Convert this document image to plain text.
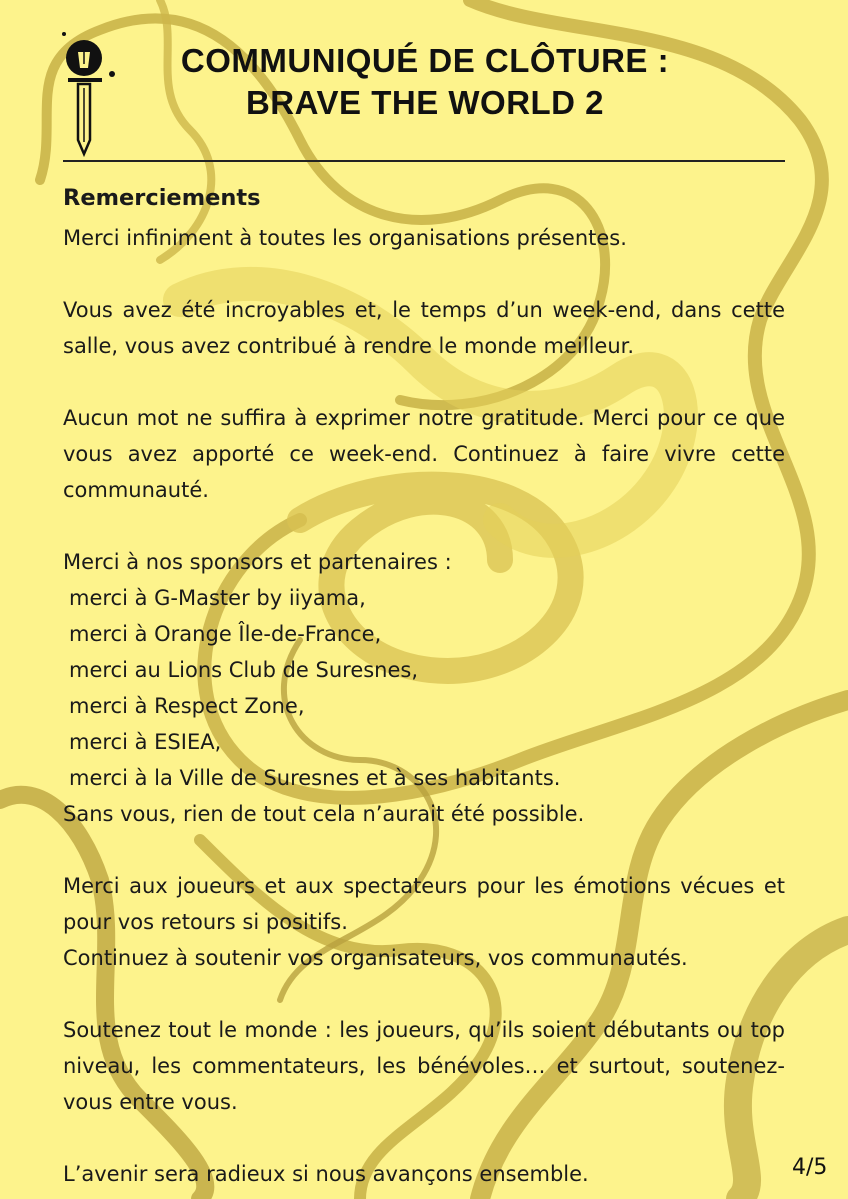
COMMUNIQUÉ DE CLÔTURE :
BRAVE THE WORLD 2
Remerciements

Merci infiniment à toutes les organisations présentes.

Vous avez été incroyables et, le temps d’un week-end, dans cette salle, vous avez contribué à rendre le monde meilleur.

Aucun mot ne suffira à exprimer notre gratitude. Merci pour ce que vous avez apporté ce week-end. Continuez à faire vivre cette communauté.

Merci à nos sponsors et partenaires :
merci à G-Master by iiyama,
merci à Orange Île-de-France,
merci au Lions Club de Suresnes,
merci à Respect Zone,
merci à ESIEA,
merci à la Ville de Suresnes et à ses habitants.
Sans vous, rien de tout cela n’aurait été possible.

Merci aux joueurs et aux spectateurs pour les émotions vécues et pour vos retours si positifs.
Continuez à soutenir vos organisateurs, vos communautés.

Soutenez tout le monde : les joueurs, qu’ils soient débutants ou top niveau, les commentateurs, les bénévoles… et surtout, soutenez-vous entre vous.

L’avenir sera radieux si nous avançons ensemble.	4/5
